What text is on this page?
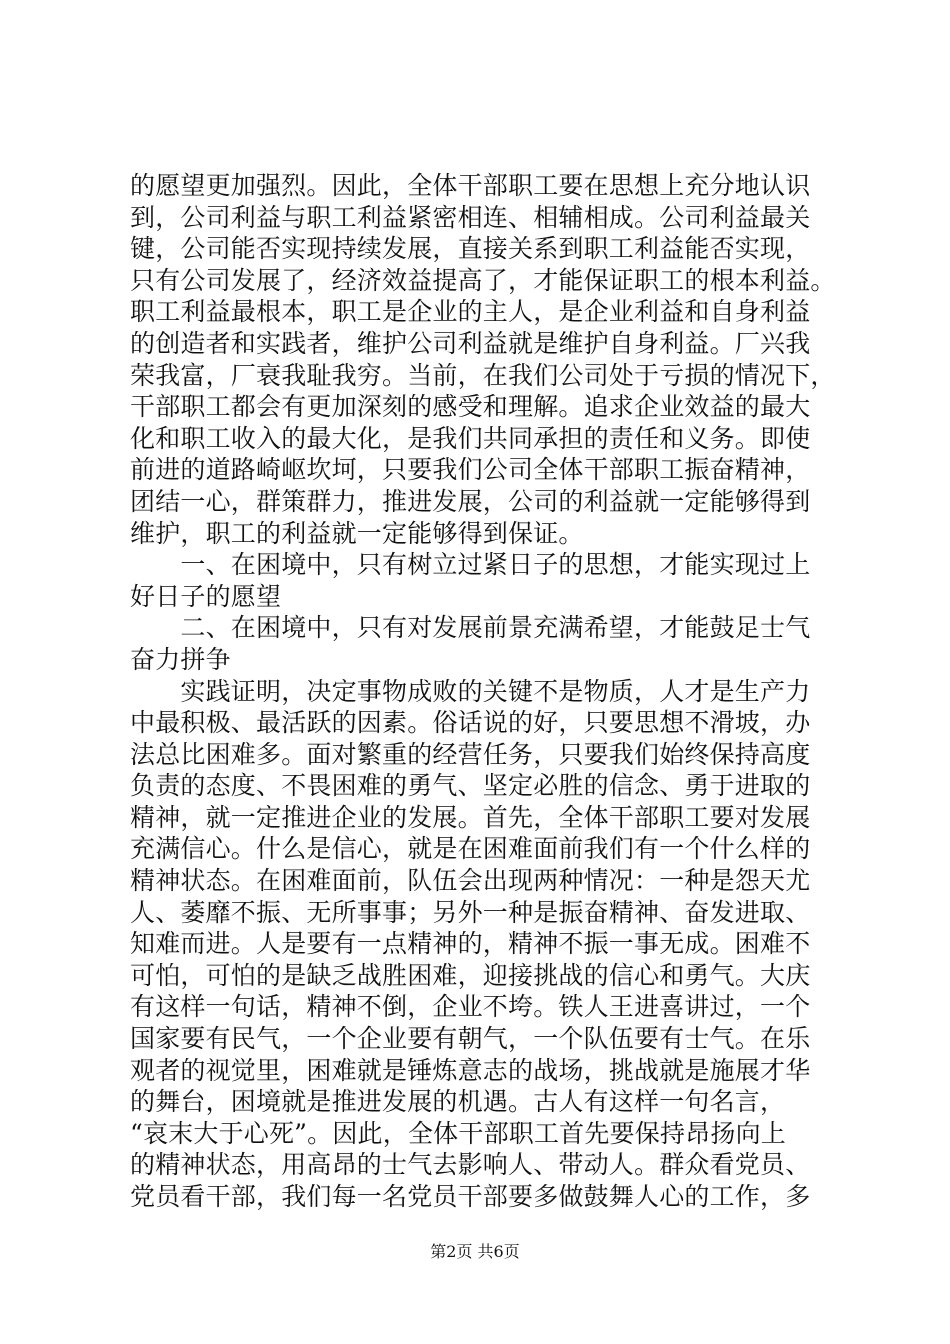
的愿望更加强烈。因此，全体干部职工要在思想上充分地认识
到，公司利益与职工利益紧密相连、相辅相成。公司利益最关
键，公司能否实现持续发展，直接关系到职工利益能否实现，
只有公司发展了，经济效益提高了，才能保证职工的根本利益。
职工利益最根本，职工是企业的主人，是企业利益和自身利益
的创造者和实践者，维护公司利益就是维护自身利益。厂兴我
荣我富，厂衰我耻我穷。当前，在我们公司处于亏损的情况下，
干部职工都会有更加深刻的感受和理解。追求企业效益的最大
化和职工收入的最大化，是我们共同承担的责任和义务。即使
前进的道路崎岖坎坷，只要我们公司全体干部职工振奋精神，
团结一心，群策群力，推进发展，公司的利益就一定能够得到
维护，职工的利益就一定能够得到保证。
　　一、在困境中，只有树立过紧日子的思想，才能实现过上
好日子的愿望
　　二、在困境中，只有对发展前景充满希望，才能鼓足士气
奋力拼争
　　实践证明，决定事物成败的关键不是物质，人才是生产力
中最积极、最活跃的因素。俗话说的好，只要思想不滑坡，办
法总比困难多。面对繁重的经营任务，只要我们始终保持高度
负责的态度、不畏困难的勇气、坚定必胜的信念、勇于进取的
精神，就一定推进企业的发展。首先，全体干部职工要对发展
充满信心。什么是信心，就是在困难面前我们有一个什么样的
精神状态。在困难面前，队伍会出现两种情况：一种是怨天尤
人、萎靡不振、无所事事；另外一种是振奋精神、奋发进取、
知难而进。人是要有一点精神的，精神不振一事无成。困难不
可怕，可怕的是缺乏战胜困难，迎接挑战的信心和勇气。大庆
有这样一句话，精神不倒，企业不垮。铁人王进喜讲过，一个
国家要有民气，一个企业要有朝气，一个队伍要有士气。在乐
观者的视觉里，困难就是锤炼意志的战场，挑战就是施展才华
的舞台，困境就是推进发展的机遇。古人有这样一句名言，
“哀末大于心死”。因此，全体干部职工首先要保持昂扬向上
的精神状态，用高昂的士气去影响人、带动人。群众看党员、
党员看干部，我们每一名党员干部要多做鼓舞人心的工作，多
第2页 共6页
